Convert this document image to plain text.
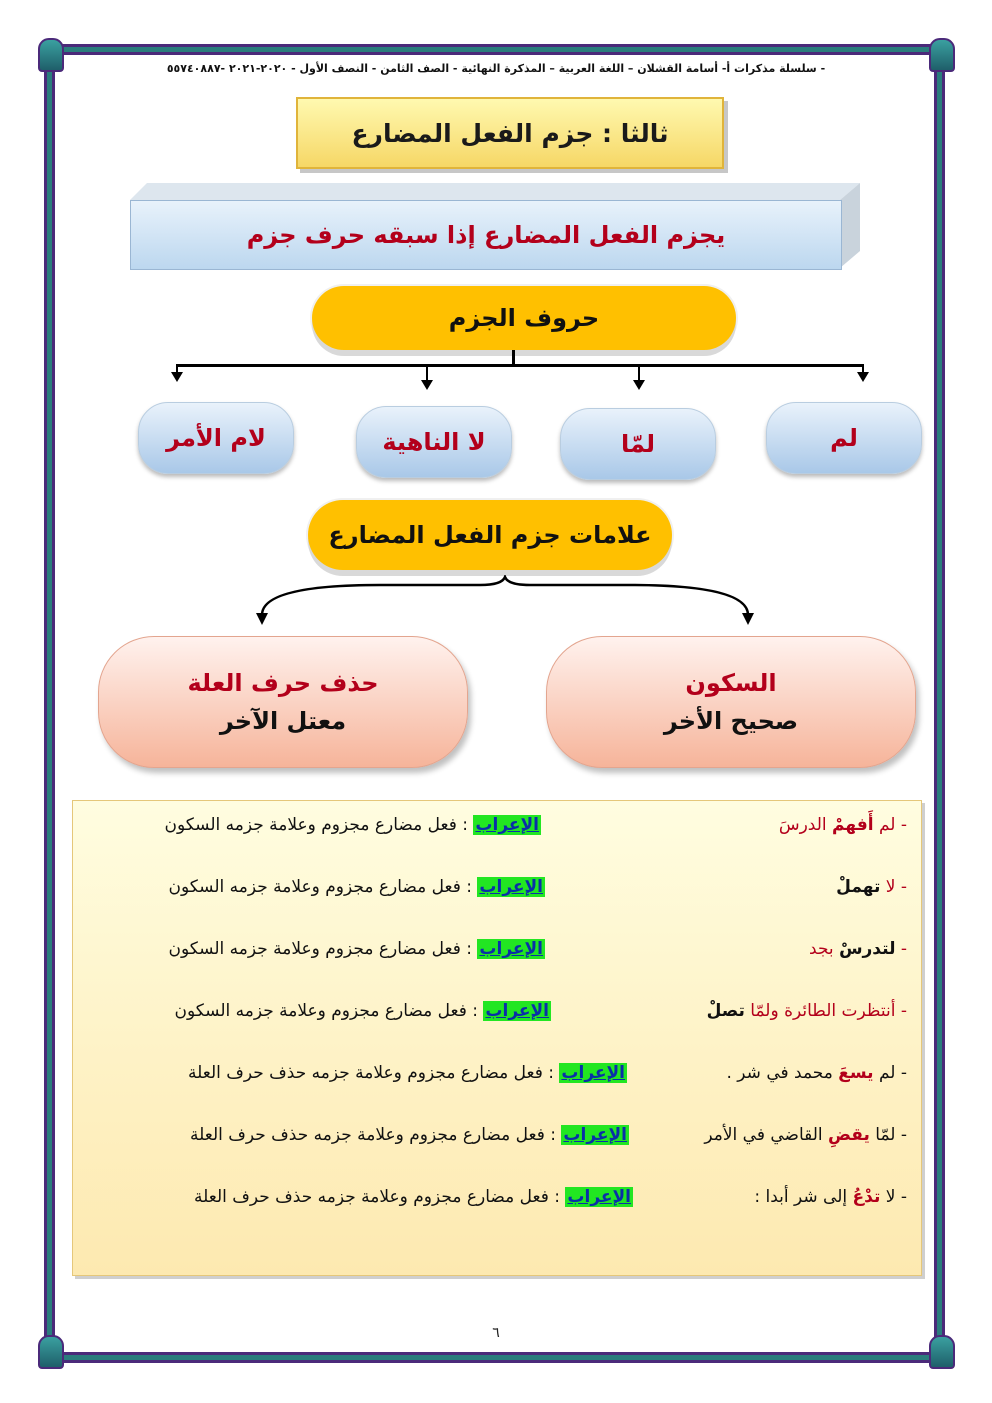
- سلسلة مذكرات أ- أسامة القشلان – اللغة العربية – المذكرة النهائية - الصف الثامن - النصف الأول - ٢٠٢٠-٢٠٢١ -٥٥٧٤٠٨٨٧
ثالثا : جزم الفعل المضارع
يجزم الفعل المضارع إذا سبقه حرف جزم
حروف الجزم
لم
لمّا
لا الناهية
لام الأمر
علامات جزم الفعل المضارع
السكون
صحيح الأخر
حذف حرف العلة
معتل الآخر
- لم أَفهمْ الدرسَ
الإعراب : فعل مضارع مجزوم وعلامة جزمه السكون
- لا تهملْ
الإعراب : فعل مضارع مجزوم وعلامة جزمه السكون
- لتدرسْ بجد
الإعراب : فعل مضارع مجزوم وعلامة جزمه السكون
- أنتظرت الطائرة ولمّا تصلْ
الإعراب : فعل مضارع مجزوم وعلامة جزمه السكون
- لم يسعَ محمد في شر .
الإعراب : فعل مضارع مجزوم وعلامة جزمه حذف حرف العلة
- لمّا يقضِ القاضي في الأمر
الإعراب : فعل مضارع مجزوم وعلامة جزمه حذف حرف العلة
- لا تدْعُ إلى شر أبدا :
الإعراب : فعل مضارع مجزوم وعلامة جزمه حذف حرف العلة
٦
